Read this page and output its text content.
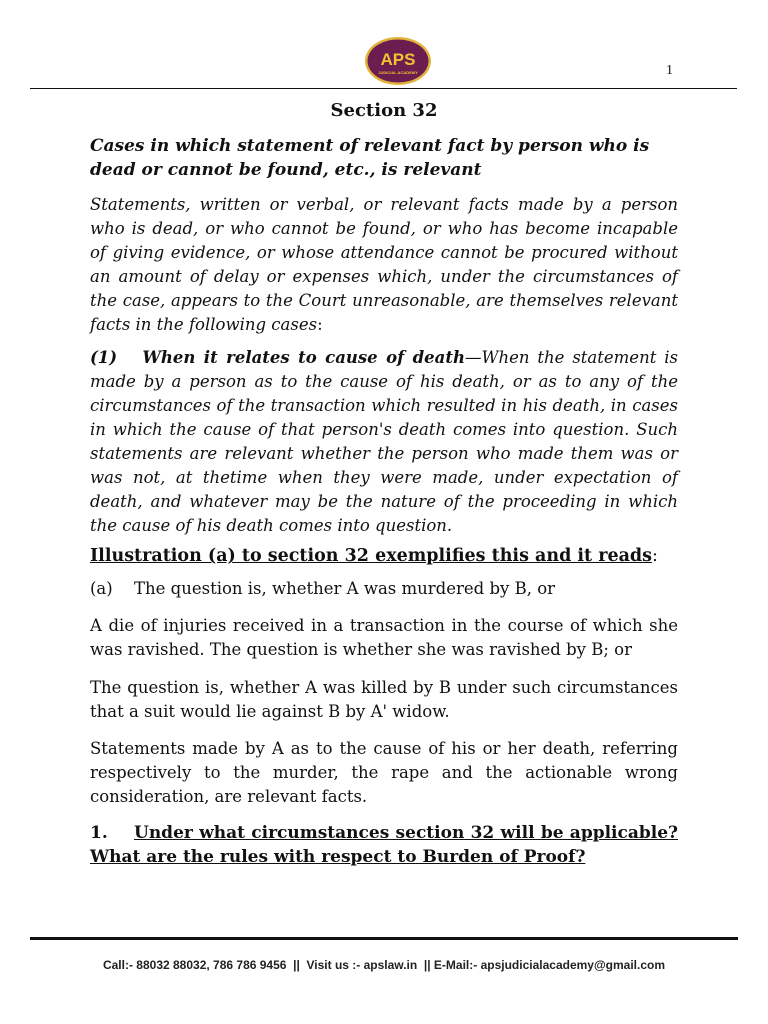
APS
JUDICIAL ACADEMY	1
Section 32
Cases in which statement of relevant fact by person who is dead or cannot be found, etc., is relevant

Statements, written or verbal, or relevant facts made by a person who is dead, or who cannot be found, or who has become incapable of giving evidence, or whose attendance cannot be procured without an amount of delay or expenses which, under the circumstances of the case, appears to the Court unreasonable, are themselves relevant facts in the following cases:

(1)   When it relates to cause of death—When the statement is made by a person as to the cause of his death, or as to any of the circumstances of the transaction which resulted in his death, in cases in which the cause of that person's death comes into question. Such statements are relevant whether the person who made them was or was not, at thetime when they were made, under expectation of death, and whatever may be the nature of the proceeding in which the cause of his death comes into question.

Illustration (a) to section 32 exemplifies this and it reads:
(a) The question is, whether A was murdered by B, or

A die of injuries received in a transaction in the course of which she was ravished. The question is whether she was ravished by B; or

The question is, whether A was killed by B under such circumstances that a suit would lie against B by A' widow.

Statements made by A as to the cause of his or her death, referring respectively to the murder, the rape and the actionable wrong consideration, are relevant facts.

1. Under what circumstances section 32 will be applicable? What are the rules with respect to Burden of Proof?
Call:- 88032 88032, 786 786 9456  ||  Visit us :- apslaw.in  || E-Mail:- apsjudicialacademy@gmail.com
